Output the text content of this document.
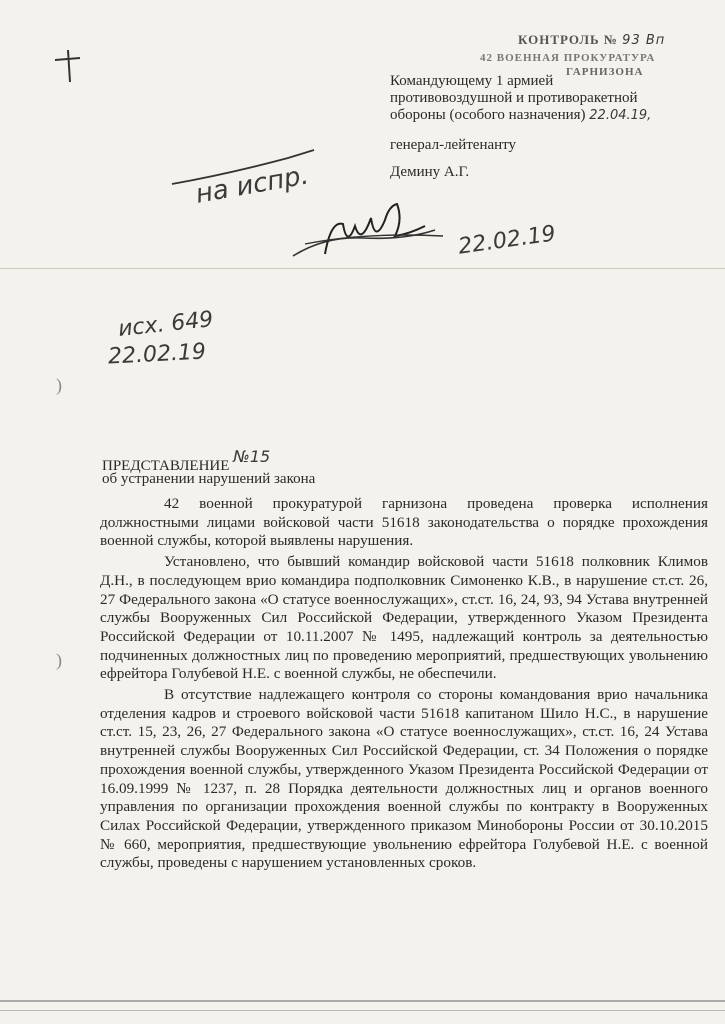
КОНТРОЛЬ № 93 Вп
42 ВОЕННАЯ ПРОКУРАТУРА
ГАРНИЗОНА

Командующему 1 армией

противовоздушной и противоракетной

обороны (особого назначения) 22.04.19,

генерал-лейтенанту
Демину А.Г.
на испр.
22.02.19
исх. 649
22.02.19
)
)
ПРЕДСТАВЛЕНИЕ №15
об устранении нарушений закона

42 военной прокуратурой гарнизона проведена проверка исполнения должностными лицами войсковой части 51618 законодательства о порядке прохождения военной службы, которой выявлены нарушения.

Установлено, что бывший командир войсковой части 51618 полковник Климов Д.Н., в последующем врио командира подполковник Симоненко К.В., в нарушение ст.ст. 26, 27 Федерального закона «О статусе военнослужащих», ст.ст. 16, 24, 93, 94 Устава внутренней службы Вооруженных Сил Российской Федерации, утвержденного Указом Президента Российской Федерации от 10.11.2007 № 1495, надлежащий контроль за деятельностью подчиненных должностных лиц по проведению мероприятий, предшествующих увольнению ефрейтора Голубевой Н.Е. с военной службы, не обеспечили.

В отсутствие надлежащего контроля со стороны командования врио начальника отделения кадров и строевого войсковой части 51618 капитаном Шило Н.С., в нарушение ст.ст. 15, 23, 26, 27 Федерального закона «О статусе военнослужащих», ст.ст. 16, 24 Устава внутренней службы Вооруженных Сил Российской Федерации, ст. 34 Положения о порядке прохождения военной службы, утвержденного Указом Президента Российской Федерации от 16.09.1999 № 1237, п. 28 Порядка деятельности должностных лиц и органов военного управления по организации прохождения военной службы по контракту в Вооруженных Силах Российской Федерации, утвержденного приказом Минобороны России от 30.10.2015 № 660, мероприятия, предшествующие увольнению ефрейтора Голубевой Н.Е. с военной службы, проведены с нарушением установленных сроков.
